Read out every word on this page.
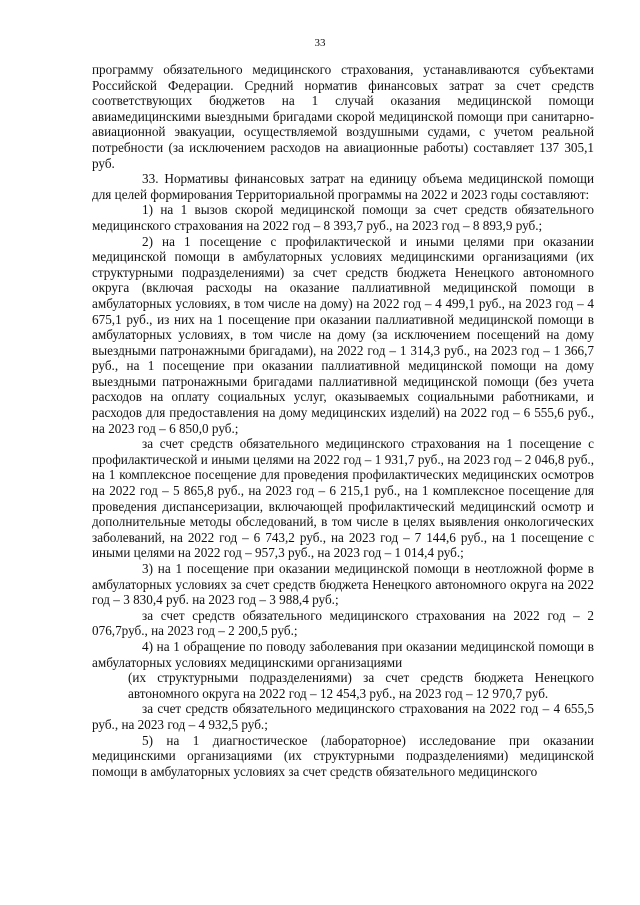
33

программу обязательного медицинского страхования, устанавливаются субъектами Российской Федерации. Средний норматив финансовых затрат за счет средств соответствующих бюджетов на 1 случай оказания медицинской помощи авиамедицинскими выездными бригадами скорой медицинской помощи при санитарно-авиационной эвакуации, осуществляемой воздушными судами, с учетом реальной потребности (за исключением расходов на авиационные работы) составляет 137 305,1 руб.

33. Нормативы финансовых затрат на единицу объема медицинской помощи для целей формирования Территориальной программы на 2022 и 2023 годы составляют:

1) на 1 вызов скорой медицинской помощи за счет средств обязательного медицинского страхования на 2022 год – 8 393,7 руб., на 2023 год – 8 893,9 руб.;

2) на 1 посещение с профилактической и иными целями при оказании медицинской помощи в амбулаторных условиях медицинскими организациями (их структурными подразделениями) за счет средств бюджета Ненецкого автономного округа (включая расходы на оказание паллиативной медицинской помощи в амбулаторных условиях, в том числе на дому) на 2022 год – 4 499,1 руб., на 2023 год – 4 675,1 руб., из них на 1 посещение при оказании паллиативной медицинской помощи в амбулаторных условиях, в том числе на дому (за исключением посещений на дому выездными патронажными бригадами), на 2022 год – 1 314,3 руб., на 2023 год – 1 366,7 руб., на 1 посещение при оказании паллиативной медицинской помощи на дому выездными патронажными бригадами паллиативной медицинской помощи (без учета расходов на оплату социальных услуг, оказываемых социальными работниками, и расходов для предоставления на дому медицинских изделий) на 2022 год – 6 555,6 руб., на 2023 год – 6 850,0 руб.;

за счет средств обязательного медицинского страхования на 1 посещение с профилактической и иными целями на 2022 год – 1 931,7 руб., на 2023 год – 2 046,8 руб., на 1 комплексное посещение для проведения профилактических медицинских осмотров на 2022 год – 5 865,8 руб., на 2023 год – 6 215,1 руб., на 1 комплексное посещение для проведения диспансеризации, включающей профилактический медицинский осмотр и дополнительные методы обследований, в том числе в целях выявления онкологических заболеваний, на 2022 год – 6 743,2 руб., на 2023 год – 7 144,6 руб., на 1 посещение с иными целями на 2022 год – 957,3 руб., на 2023 год – 1 014,4 руб.;

3) на 1 посещение при оказании медицинской помощи в неотложной форме в амбулаторных условиях за счет средств бюджета Ненецкого автономного округа на 2022 год – 3 830,4 руб. на 2023 год – 3 988,4 руб.;

за счет средств обязательного медицинского страхования на 2022 год – 2 076,7руб., на 2023 год – 2 200,5 руб.;

4) на 1 обращение по поводу заболевания при оказании медицинской помощи в амбулаторных условиях медицинскими организациями

(их структурными подразделениями) за счет средств бюджета Ненецкого автономного округа на 2022 год – 12 454,3 руб., на 2023 год – 12 970,7 руб.

за счет средств обязательного медицинского страхования на 2022 год – 4 655,5 руб., на 2023 год – 4 932,5 руб.;

5) на 1 диагностическое (лабораторное) исследование при оказании медицинскими организациями (их структурными подразделениями) медицинской помощи в амбулаторных условиях за счет средств обязательного медицинского
